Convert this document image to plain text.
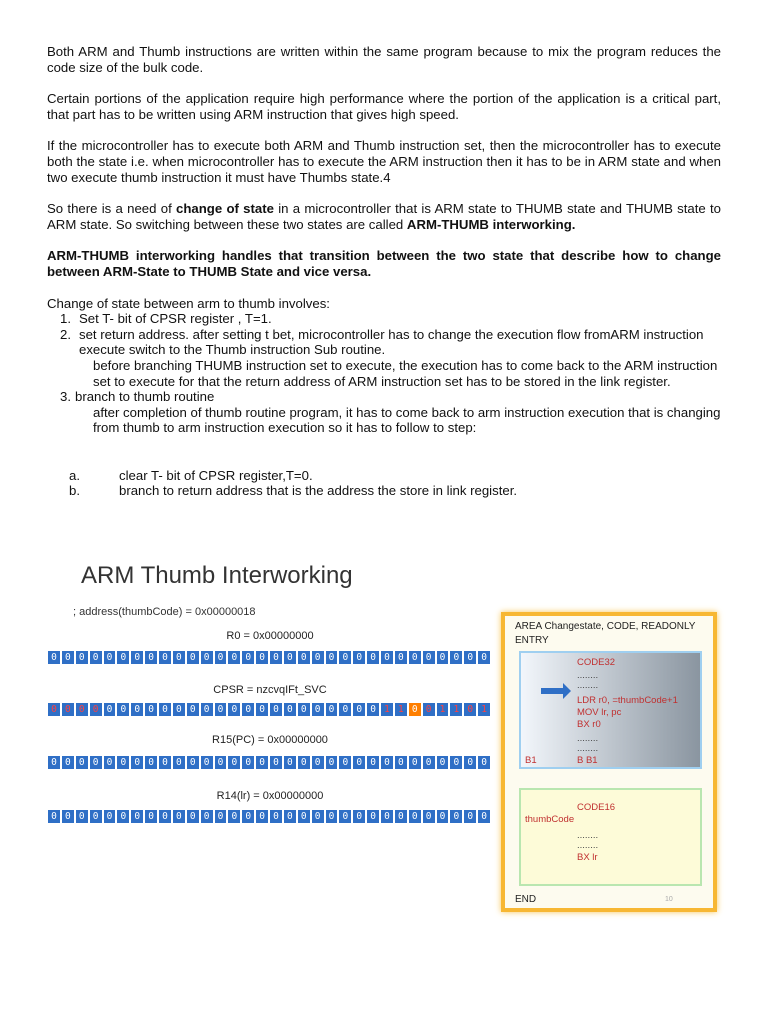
Both ARM and Thumb instructions are written within the same program because to mix the program reduces the code size of the bulk code.

Certain portions of the application require high performance where the portion of the application is a critical part, that part has to be written using ARM instruction that gives high speed.

If the microcontroller has to execute both ARM and Thumb instruction set, then the microcontroller has to execute both the state i.e. when microcontroller has to execute the ARM instruction then it has to be in ARM state and when two execute thumb instruction it must have Thumbs state.4

So there is a need of change of state in a microcontroller that is ARM state to THUMB state and THUMB state to ARM state. So switching between these two states are called ARM-THUMB interworking.

ARM-THUMB interworking handles that transition between the two state that describe how to change between ARM-State to THUMB State and vice versa.

Change of state between arm to thumb involves:

1. Set T- bit of CPSR register , T=1.
2. set return address. after setting t bet, microcontroller has to change the execution flow fromARM instruction execute switch to the Thumb instruction Sub routine.
before branching THUMB instruction set to execute, the execution has to come back to the ARM instruction set to execute for that the return address of ARM instruction set has to be stored in the link register.
3. branch to thumb routine
after completion of thumb routine program, it has to come back to arm instruction execution that is changing from thumb to arm instruction execution so it has to follow to step:
a.	clear T- bit of CPSR register,T=0.
b.	branch to return address that is the address the store in link register.
ARM Thumb Interworking
; address(thumbCode) = 0x00000018
R0 = 0x00000000
0 0 0 0 0 0 0 0 0 0 0 0 0 0 0 0 0 0 0 0 0 0 0 0 0 0 0 0 0 0 0 0
CPSR = nzcvqIFt_SVC
0 0 0 0 0 0 0 0 0 0 0 0 0 0 0 0 0 0 0 0 0 0 0 0 1 1 0 0 1 1 0 1
R15(PC) = 0x00000000
0 0 0 0 0 0 0 0 0 0 0 0 0 0 0 0 0 0 0 0 0 0 0 0 0 0 0 0 0 0 0 0
R14(lr) = 0x00000000
0 0 0 0 0 0 0 0 0 0 0 0 0 0 0 0 0 0 0 0 0 0 0 0 0 0 0 0 0 0 0 0
AREA Changestate, CODE, READONLY
ENTRY
CODE32
........
........
LDR r0, =thumbCode+1
MOV lr, pc
BX r0
........
........
B1	B B1
CODE16
thumbCode
........
........
BX lr
END	10
